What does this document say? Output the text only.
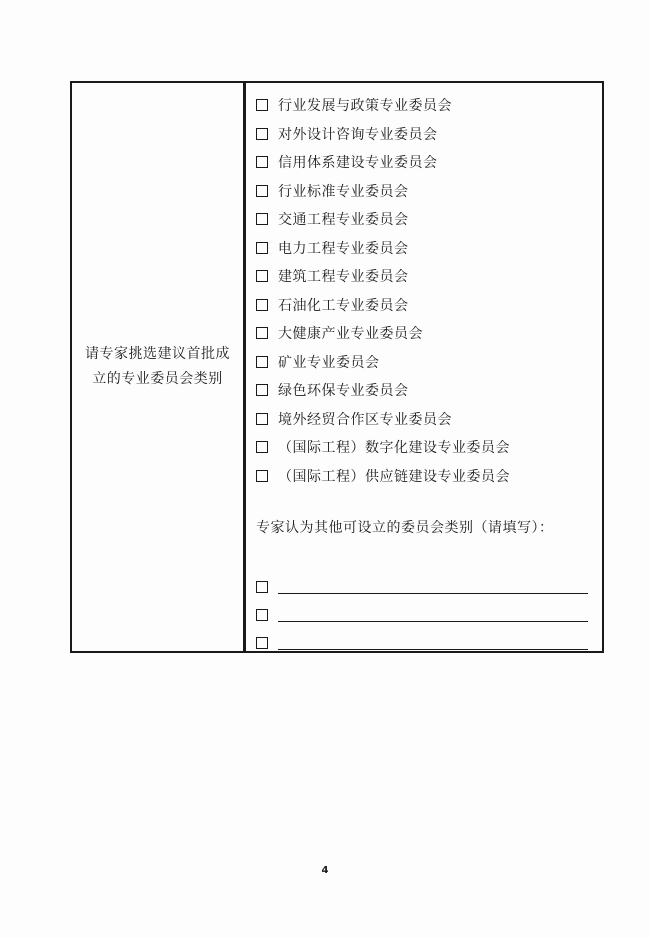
请专家挑选建议首批成立的专业委员会类别
行业发展与政策专业委员会
对外设计咨询专业委员会
信用体系建设专业委员会
行业标准专业委员会
交通工程专业委员会
电力工程专业委员会
建筑工程专业委员会
石油化工专业委员会
大健康产业专业委员会
矿业专业委员会
绿色环保专业委员会
境外经贸合作区专业委员会
（国际工程）数字化建设专业委员会
（国际工程）供应链建设专业委员会
专家认为其他可设立的委员会类别（请填写）：
4
